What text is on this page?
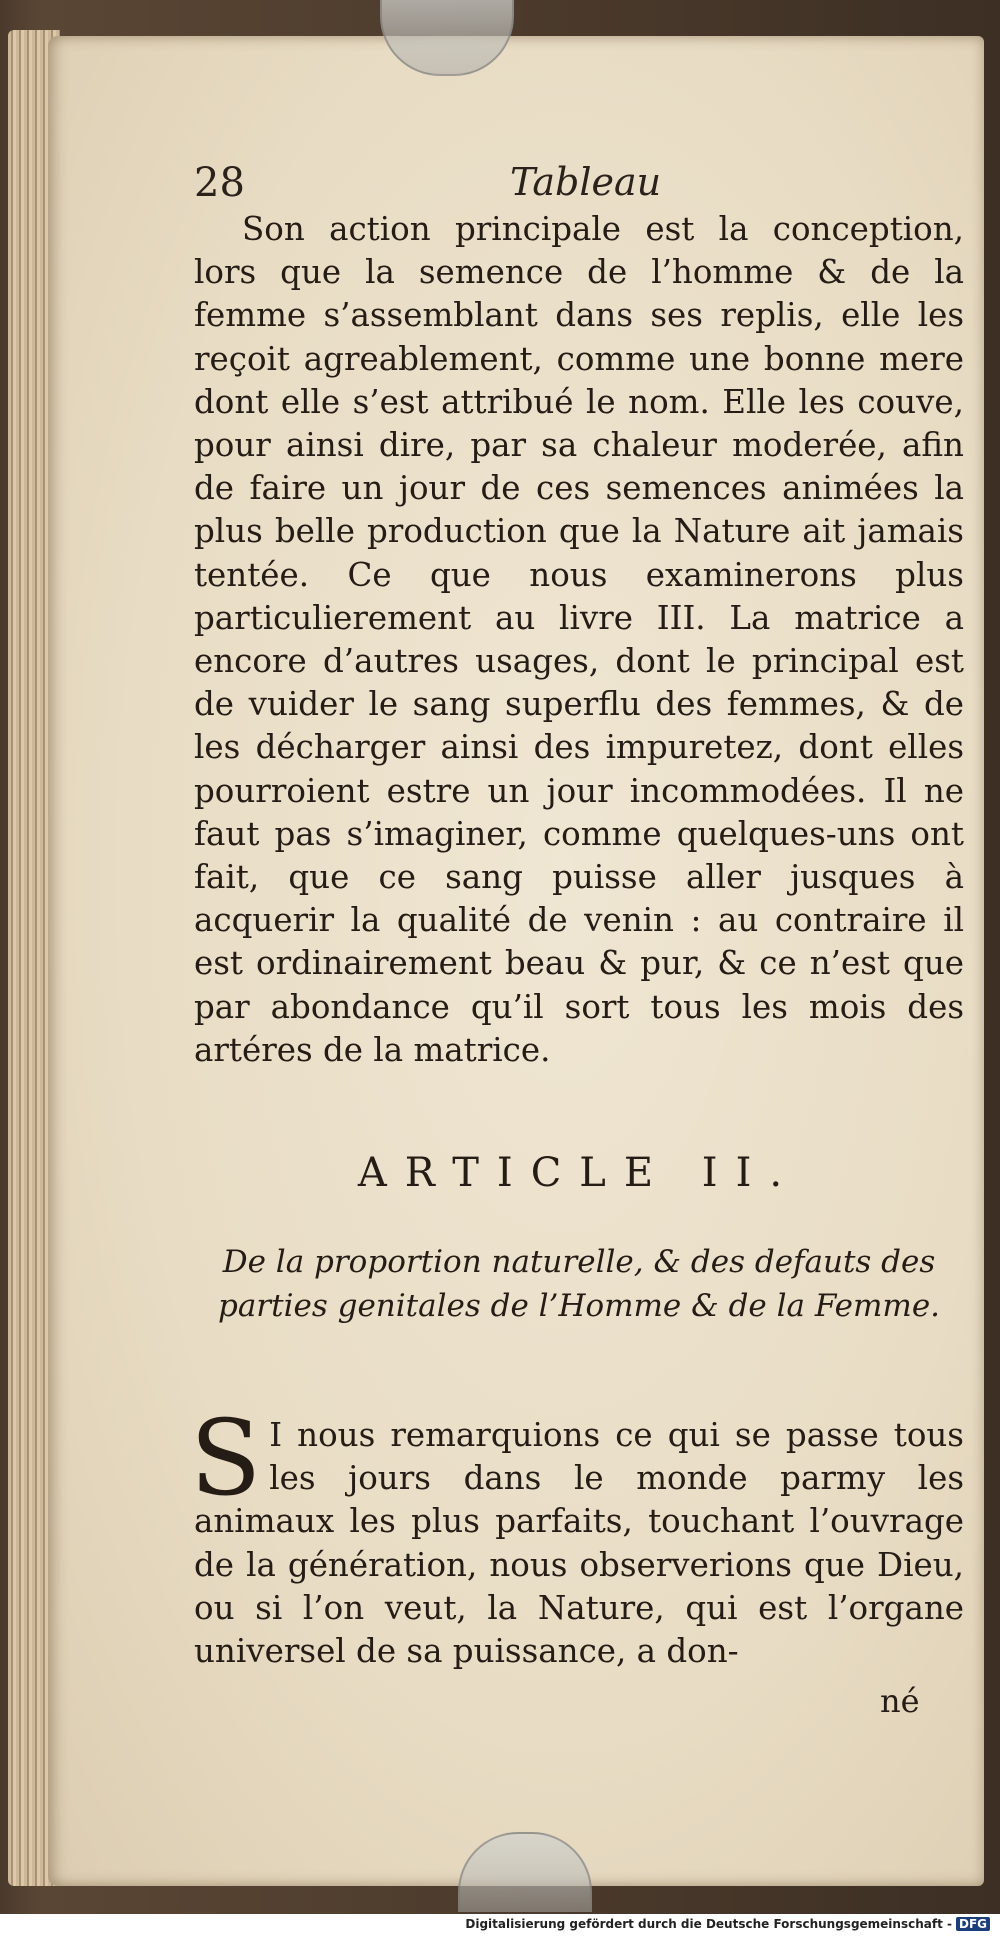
28	Tableau

Son action principale est la conception, lors que la semence de l’homme & de la femme s’assemblant dans ses replis, elle les reçoit agreablement, comme une bonne mere dont elle s’est attribué le nom. Elle les couve, pour ainsi dire, par sa chaleur moderée, afin de faire un jour de ces semences animées la plus belle production que la Nature ait jamais tentée. Ce que nous examinerons plus particulierement au livre III. La matrice a encore d’autres usages, dont le principal est de vuider le sang superflu des femmes, & de les décharger ainsi des impuretez, dont elles pourroient estre un jour incommodées. Il ne faut pas s’imaginer, comme quelques-uns ont fait, que ce sang puisse aller jusques à acquerir la qualité de venin : au contraire il est ordinairement beau & pur, & ce n’est que par abondance qu’il sort tous les mois des artéres de la matrice.

ARTICLE II.
De la proportion naturelle, & des defauts des parties genitales de l’Homme & de la Femme.
S I nous remarquions ce qui se passe tous les jours dans le monde parmy les animaux les plus parfaits, touchant l’ouvrage de la génération, nous observerions que Dieu, ou si l’on veut, la Nature, qui est l’organe universel de sa puissance, a don-
né
Digitalisierung gefördert durch die Deutsche Forschungsgemeinschaft - DFG
